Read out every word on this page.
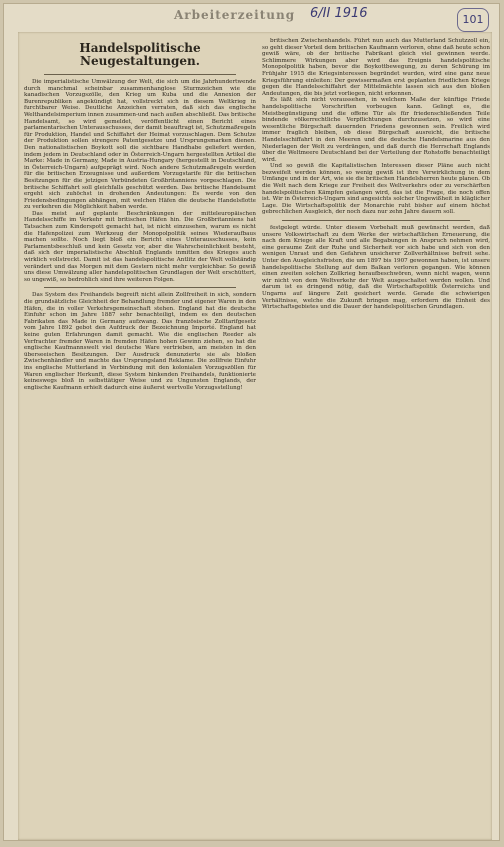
Arbeiterzeitung 6/II 1916	101
Handelspolitische Neugestaltungen.

Die imperialistische Umwälzung der Welt, die sich um die Jahrhundertwende durch manchmal scheinbar zusammenhanglose Sturmzeichen wie die kanadischen Vorzugszölle, den Krieg um Kuba und die Annexion der Burenrepubliken angekündigt hat, vollstreckt sich in diesem Weltkrieg in furchtbarer Weise. Deutliche Anzeichen verraten, daß sich das englische Welthandelsimperium innen zusammen-und nach außen abschließt. Das britische Handelsamt, so wird gemeldet, veröffentlicht einen Bericht eines parlamentarischen Unterausschusses, der damit beauftragt ist, Schutzmaßregeln für Produktion, Handel und Schiffahrt der Heimat vorzuschlagen. Dem Schutze der Produktion sollen strengere Patentgesetze und Ursprungsmarken dienen. Den nationalistischen Boykott soll die sichtbare Handhabe geliefert werden, indem jedem in Deutschland oder in Österreich-Ungarn hergestellten Artikel die Marke: Made in Germany, Made in Austria-Hungary (hergestellt in Deutschland, in Österreich-Ungarn) aufgeprägt wird. Noch andere Schutzmaßregeln werden für die britischen Erzeugnisse und außerdem Vorzugstarife für die britischen Besitzungen für die jetzigen Verbündeten Großbritanniens vorgeschlagen. Die britische Schiffahrt soll gleichfalls geschützt werden. Das britische Handelsamt ergeht sich zuhöchst in drohenden Andeutungen: Es werde von den Friedensbedingungen abhängen, mit welchen Häfen die deutsche Handelsflotte zu verkehren die Möglichkeit haben werde.

Das meist auf geplante Beschränkungen der mitteleuropäischen Handelsschiffe im Verkehr mit britischen Häfen hin. Die Großbritanniens hat Tatsachen zum Kinderspott gemacht hat, ist nicht einzusehen, warum es nicht die Hafenpolizei zum Werkzeug der Monopolpolitik seines Wiederaufbaus machen sollte. Noch liegt bloß ein Bericht eines Unterausschusses, kein Parlamentsbeschluß und kein Gesetz vor, aber die Wahrscheinlichkeit besteht, daß sich der imperialistische Abschluß Englands inmitten des Krieges auch wirklich vollstreckt. Damit ist das handelspolitische Antlitz der Welt vollständig verändert und das Morgen mit dem Gestern nicht mehr vergleichbar. So gewiß uns diese Umwälzung aller handelspolitischen Grundlagen der Welt erschüttert, so ungewiß, so bedrohlich sind ihre weiteren Folgen.

Das System des Freihandels begreift nicht allein Zollfreiheit in sich, sondern die grundsätzliche Gleichheit der Behandlung fremder und eigener Waren in den Häfen, die in voller Verkehrsgemeinschaft stehen. England hat die deutsche Einfuhr schon im Jahre 1887 sehr benachteiligt, indem es den deutschen Fabrikaten das Made in Germany aufzwang. Das französische Zolltarifgesetz vom Jahre 1892 gebot den Aufdruck der Bezeichnung Importé. England hat keine guten Erfahrungen damit gemacht. Wie die englischen Reeder als Verfrachter fremder Waren in fremden Häfen hohen Gewinn ziehen, so hat die englische Kaufmannswelt viel deutsche Ware vertrieben, am meisten in den überseeischen Besitzungen. Der Ausdruck denunzierte sie als bloßen Zwischenhändler und machte das Ursprungsland Reklame. Die zollfreie Einfuhr ins englische Mutterland in Verbindung mit den kolonialen Vorzugszöllen für Waren englischer Herkunft, diese System hinkenden Freihandels, funktionierte keineswegs bloß in selbsttätiger Weise und zu Ungunsten Englands, der englische Kaufmann erhielt dadurch eine äußerst wertvolle Vorzugsstellung!

britischen Zwischenhandels. Führt nun auch das Mutterland Schutzzoll ein, so geht dieser Vorteil dem britischen Kaufmann verloren, ohne daß heute schon gewiß wäre, ob der britische Fabrikant gleich viel gewinnen werde. Schlimmere Wirkungen aber wird das Ereignis handelspolitische Monopolpolitik haben, bevor die Boykottbewegung, zu deren Schürung im Frühjahr 1915 die Kriegsinteressen begründet wurden, wird eine ganz neue Kriegsführung einleiten: Der gewissermaßen erst geplanten friedlichen Kriege gegen die Handelsschiffahrt der Mittelmächte lassen sich aus den bloßen Andeutungen, die bis jetzt vorliegen, nicht erkennen.

Es läßt sich nicht voraussehen, in welchem Maße der künftige Friede handelspolitische Vorschriften vorbeugen kann. Gelingt es, die Meistbegünstigung und die offene Tür als für friedenschließenden Teile bindende völkerrechtliche Verpflichtungen durchzusetzen, so wird eine wesentliche Bürgschaft dauernden Friedens gewonnen sein. Freilich wird immer fraglich bleiben, ob diese Bürgschaft ausreicht, die britische Handelsschiffahrt in den Meeren und die deutsche Handelsmarine aus den Niederlagen der Welt zu verdrängen, und daß durch die Herrschaft Englands über die Weltmeere Deutschland bei der Verteilung der Rohstoffe benachteiligt wird.

Und so gewiß die Kapitalistischen Interessen dieser Pläne auch nicht bezweifelt werden können, so wenig gewiß ist ihre Verwirklichung in dem Umfange und in der Art, wie sie die britischen Handelsherren heute planen. Ob die Welt nach dem Kriege zur Freiheit des Weltverkehrs oder zu verschärften handelspolitischen Kämpfen gelangen wird, das ist die Frage, die noch offen ist. Wir in Österreich-Ungarn sind angesichts solcher Ungewißheit in kläglicher Lage. Die Wirtschaftspolitik der Monarchie ruht bisher auf einem höchst gebrechlichen Ausgleich, der noch dazu nur zehn Jahre dauern soll.

festgelegt würde. Unter diesem Vorbehalt muß gewünscht werden, daß unsere Volkswirtschaft zu dem Werke der wirtschaftlichen Erneuerung, die nach dem Kriege alle Kraft und alle Begabungen in Anspruch nehmen wird, eine geraume Zeit der Ruhe und Sicherheit vor sich habe und sich von den wenigen Unrast und den Gefahren unsicherer Zollverhältnisse befreit sehe. Unter den Ausgleichsfristen, die um 1897 bis 1907 gewonnen haben, ist unsere handelspolitische Stellung auf dem Balkan verloren gegangen. Wie können einen zweiten solchen Zollkrieg heraufbeschwören, wenn nicht wagen, wenn wir nicht von dem Weltverkehr der Welt ausgeschaltet werden wollen. Und darum ist es dringend nötig, daß die Wirtschaftspolitik Österreichs und Ungarns auf längere Zeit gesichert werde. Gerade die schwierigen Verhältnisse, welche die Zukunft bringen mag, erfordern die Einheit des Wirtschaftsgebietes und die Dauer der handelspolitischen Grundlagen.
